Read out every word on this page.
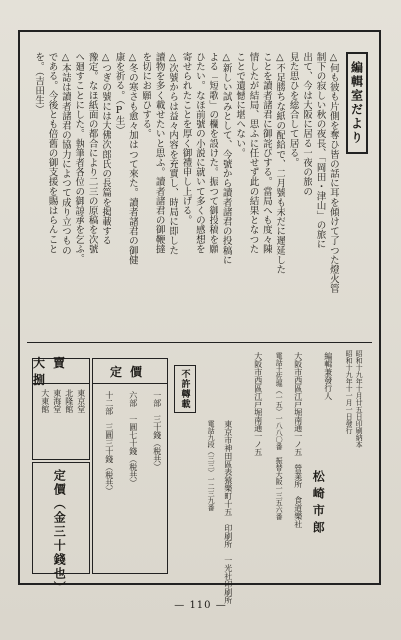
編輯室だより
△何も彼も片側を奪ひ皆の話に耳を傾けて了つた燈火管
制下の寂しい秋の夜長、「岡田・津山」の旅に
出て、今は大阪に居る一夜の旅の
見た思ひを総合して居る。
△不足勝ちな紙の配給で、二月號も未だに遲延した
ことを讀者諸君に御詫びする。當局へも度々陳
情したが結局、思ふに任せず此の結果となつた
ことで遺憾に堪へない。
△新しい試みとして、今號から讀者諸君の投稿に
よる「短歌」の欄を設けた。振つて御投稿を願
ひたい。なほ前號の小説に就いて多くの感想を
寄せられたことを厚く御禮申し上げる。
△次號からは益々内容を充實し、時局に即した
讀物を多く載せたいと思ふ。讀者諸君の御鞭撻
を切にお願ひする。
△冬の寒さも愈々加はつて來た。讀者諸君の御健
康を祈る。（P生）
△つぎの號には大佛次郎氏の長篇を掲載する
豫定。なほ紙面の都合により二三の原稿を次號
へ廻すことにした。執筆者各位の御諒承を乞ふ。
△本誌は讀者諸君の協力によつて成り立つもの
である。今後とも倍舊の御支援を賜はらんこと
を。（吉田生）
昭和十九年十月廿五日印刷納本
昭和十九年十一月一日發行
編輯兼發行人
松崎市郎
大阪市西區江戸堀南通一ノ五　營業所　食道樂社
電話土佐堀（一五）一八八〇番　振替大阪一三五六番
大阪市西區江戸堀南通一ノ五
東京市神田區表猿樂町十五　印刷所　一光社印刷所
電話九段（三三）一二三九番
不許轉載
定價
一部　三十錢（税共）
六部　一圓七十錢（税共）
十二部　三圓三十錢（税共）
大賣捌
東京堂
北隆館
東海堂
大東館
定價（金三十錢也）
— 110 —
